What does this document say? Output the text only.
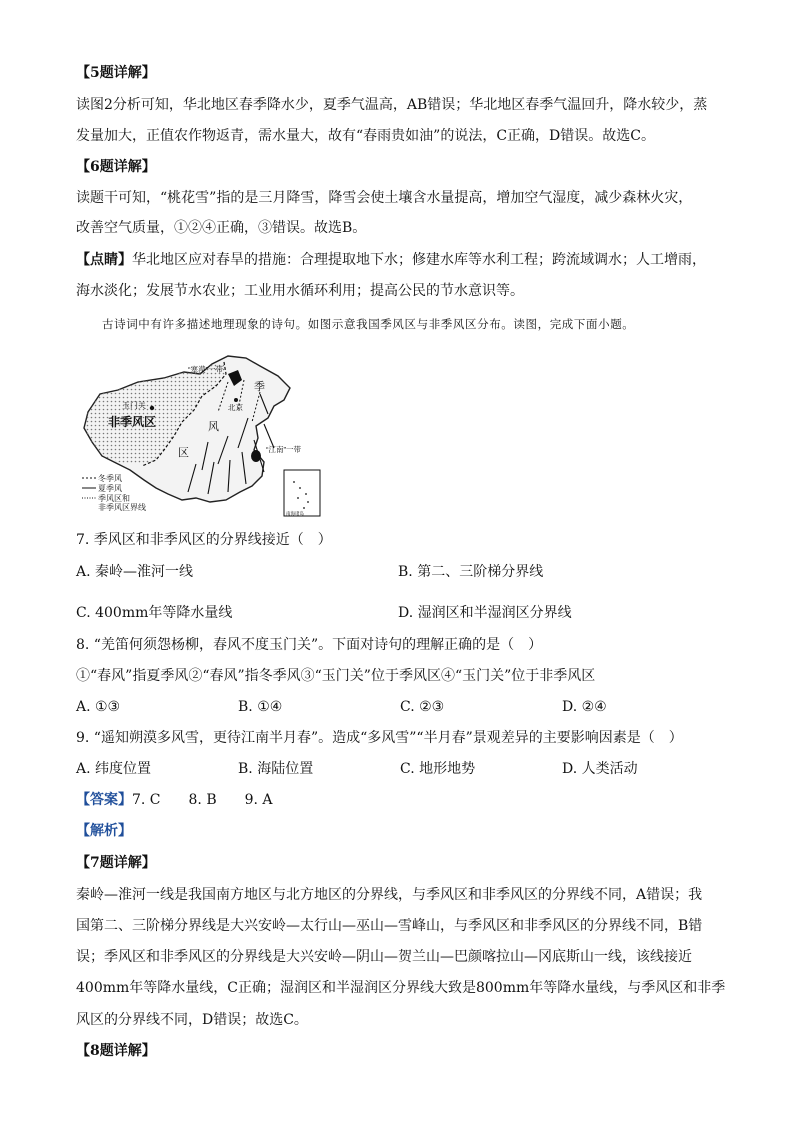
【5题详解】
读图2分析可知，华北地区春季降水少，夏季气温高，AB错误；华北地区春季气温回升，降水较少，蒸
发量加大，正值农作物返青，需水量大，故有“春雨贵如油”的说法，C正确，D错误。故选C。
【6题详解】
读题干可知，“桃花雪”指的是三月降雪，降雪会使土壤含水量提高，增加空气湿度，减少森林火灾，
改善空气质量，①②④正确，③错误。故选B。
【点睛】华北地区应对春旱的措施：合理提取地下水；修建水库等水利工程；跨流域调水；人工增雨，
海水淡化；发展节水农业；工业用水循环利用；提高公民的节水意识等。
古诗词中有许多描述地理现象的诗句。如图示意我国季风区与非季风区分布。读图，完成下面小题。
冬季风
夏季风
季风区和
非季风区界线
非季风区
玉门关
“塞漠”一带
北京
季
风
区	“江南”一带
南海诸岛
7. 季风区和非季风区的分界线接近（　）
A. 秦岭—淮河一线	B. 第二、三阶梯分界线
C. 400mm年等降水量线	D. 湿润区和半湿润区分界线
8. “羌笛何须怨杨柳，春风不度玉门关”。下面对诗句的理解正确的是（　）
①“春风”指夏季风②“春风”指冬季风③“玉门关”位于季风区④“玉门关”位于非季风区
A. ①③	B. ①④	C. ②③	D. ②④
9. “遥知朔漠多风雪，更待江南半月春”。造成“多风雪”“半月春”景观差异的主要影响因素是（　）
A. 纬度位置	B. 海陆位置	C. 地形地势	D. 人类活动
【答案】7. C　　8. B　　9. A
【解析】
【7题详解】
秦岭—淮河一线是我国南方地区与北方地区的分界线，与季风区和非季风区的分界线不同，A错误；我
国第二、三阶梯分界线是大兴安岭—太行山—巫山—雪峰山，与季风区和非季风区的分界线不同，B错
误；季风区和非季风区的分界线是大兴安岭—阴山—贺兰山—巴颜喀拉山—冈底斯山一线，该线接近
400mm年等降水量线，C正确；湿润区和半湿润区分界线大致是800mm年等降水量线，与季风区和非季
风区的分界线不同，D错误；故选C。
【8题详解】
